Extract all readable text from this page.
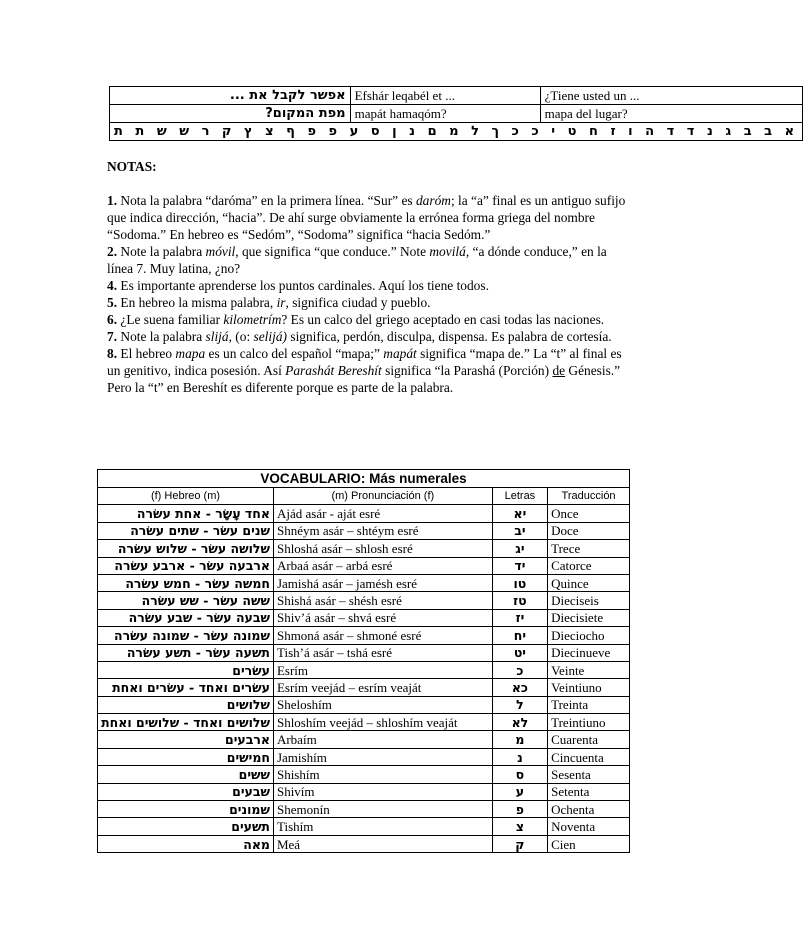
אפשר לקבל את ...	Efshár leqabél et ...	¿Tiene usted un ...
מפת המקום?	mapát hamaqóm?	mapa del lugar?
א ב ב ג נ ד ד ה ו ז ח ט י כ כ ך ל מ ם נ ן ס ע פ פ ף צ ץ ק ר ש ש ת ת		
NOTAS:

1. Nota la palabra “daróma” en la primera línea. “Sur” es daróm; la “a” final es un antiguo sufijo que indica dirección, “hacia”. De ahí surge obviamente la errónea forma griega del nombre “Sodoma.” En hebreo es “Sedóm”, “Sodoma” significa “hacia Sedóm.”

2. Note la palabra móvil, que significa “que conduce.” Note movilá, “a dónde conduce,” en la línea 7. Muy latina, ¿no?

4. Es importante aprenderse los puntos cardinales. Aquí los tiene todos.

5. En hebreo la misma palabra, ir, significa ciudad y pueblo.

6. ¿Le suena familiar kilometrím? Es un calco del griego aceptado en casi todas las naciones.

7. Note la palabra slijá, (o: selijá) significa, perdón, disculpa, dispensa. Es palabra de cortesía.

8. El hebreo mapa es un calco del español “mapa;” mapát significa “mapa de.” La “t” al final es un genitivo, indica posesión. Así Parashát Bereshít significa “la Parashá (Porción) de Génesis.” Pero la “t” en Bereshít es diferente porque es parte de la palabra.

VOCABULARIO: Más numerales			
(f) Hebreo (m)	(m) Pronunciación (f)	Letras	Traducción
אחד עָשָׂר - אחת עשׂרה	Ajád asár - aját esré	יא	Once
שנים עשׂר - שתים עשׂרה	Shnéym asár – shtéym esré	יב	Doce
שלושה עשׂר - שלוש עשׂרה	Shloshá asár – shlosh esré	יג	Trece
ארבעה עשׂר - ארבע עשׂרה	Arbaá asár – arbá esré	יד	Catorce
חמשה עשׂר - חמש עשׂרה	Jamishá asár – jamésh esré	טו	Quince
ששה עשׂר - שש עשׂרה	Shishá asár – shésh esré	טז	Dieciseis
שבעה עשׂר - שבע עשׂרה	Shiv’á asár – shvá esré	יז	Diecisiete
שמונה עשׂר - שמונה עשׂרה	Shmoná asár – shmoné esré	יח	Dieciocho
תשעה עשׂר - תשע עשׂרה	Tish’á asár – tshá esré	יט	Diecinueve
עשׂרים	Esrím	כ	Veinte
עשׂרים ואחד - עשׂרים ואחת	Esrím veejád – esrím veaját	כא	Veintiuno
שלושים	Sheloshím	ל	Treinta
שלושים ואחד - שלושים ואחת	Shloshím veejád – shloshím veaját	לא	Treintiuno
ארבעים	Arbaím	מ	Cuarenta
חמישים	Jamishím	נ	Cincuenta
ששים	Shishím	ס	Sesenta
שבעים	Shivím	ע	Setenta
שמונים	Shemonín	פ	Ochenta
תשעים	Tishím	צ	Noventa
מאה	Meá	ק	Cien
